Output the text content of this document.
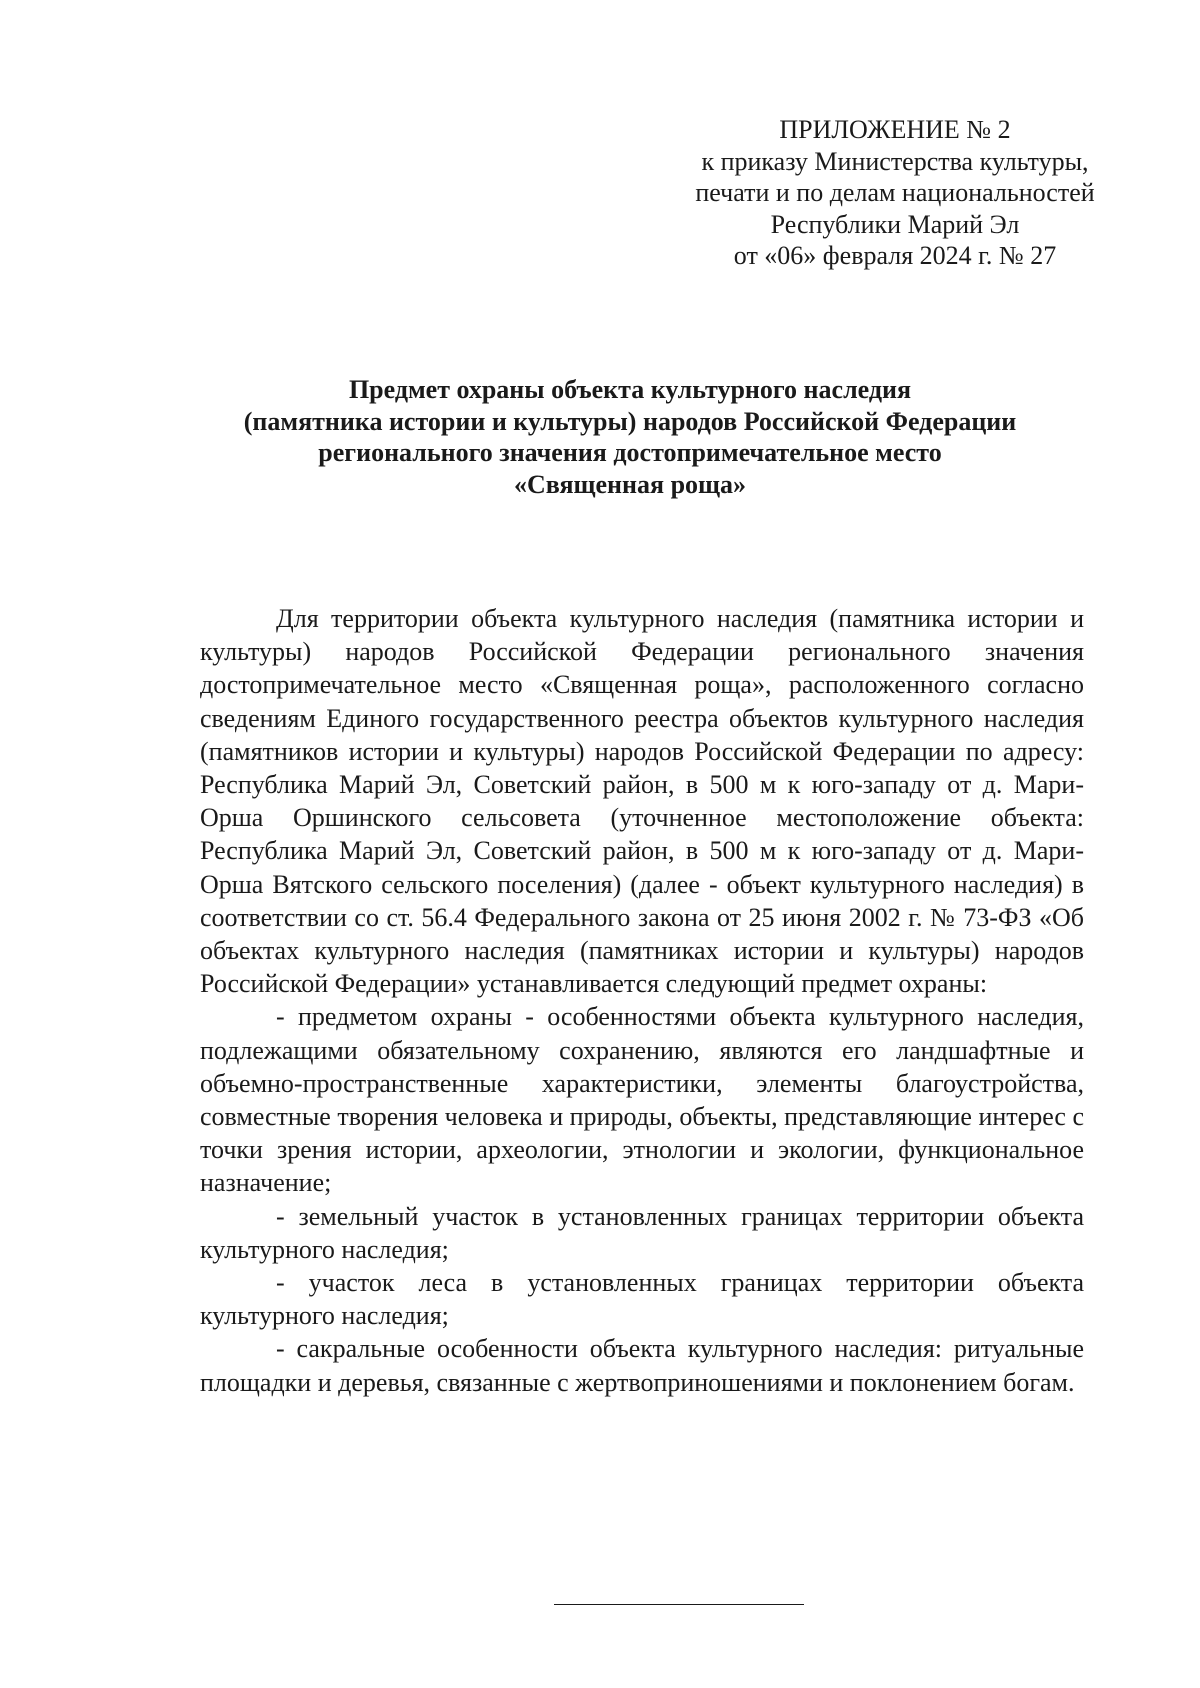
ПРИЛОЖЕНИЕ № 2
к приказу Министерства культуры,
печати и по делам национальностей
Республики Марий Эл
от «06» февраля 2024 г. № 27
Предмет охраны объекта культурного наследия
(памятника истории и культуры) народов Российской Федерации
регионального значения достопримечательное место
«Священная роща»

Для территории объекта культурного наследия (памятника истории и культуры) народов Российской Федерации регионального значения достопримечательное место «Священная роща», расположенного согласно сведениям Единого государственного реестра объектов культурного наследия (памятников истории и культуры) народов Российской Федерации по адресу: Республика Марий Эл, Советский район, в 500 м к юго-западу от д. Мари-Орша Оршинского сельсовета (уточненное местоположение объекта: Республика Марий Эл, Советский район, в 500 м к юго-западу от д. Мари-Орша Вятского сельского поселения) (далее - объект культурного наследия) в соответствии со ст. 56.4 Федерального закона от 25 июня 2002 г. № 73-ФЗ «Об объектах культурного наследия (памятниках истории и культуры) народов Российской Федерации» устанавливается следующий предмет охраны:

- предметом охраны - особенностями объекта культурного наследия, подлежащими обязательному сохранению, являются его ландшафтные и объемно-пространственные характеристики, элементы благоустройства, совместные творения человека и природы, объекты, представляющие интерес с точки зрения истории, археологии, этнологии и экологии, функциональное назначение;

- земельный участок в установленных границах территории объекта культурного наследия;

- участок леса в установленных границах территории объекта культурного наследия;

- сакральные особенности объекта культурного наследия: ритуальные площадки и деревья, связанные с жертвоприношениями и поклонением богам.
